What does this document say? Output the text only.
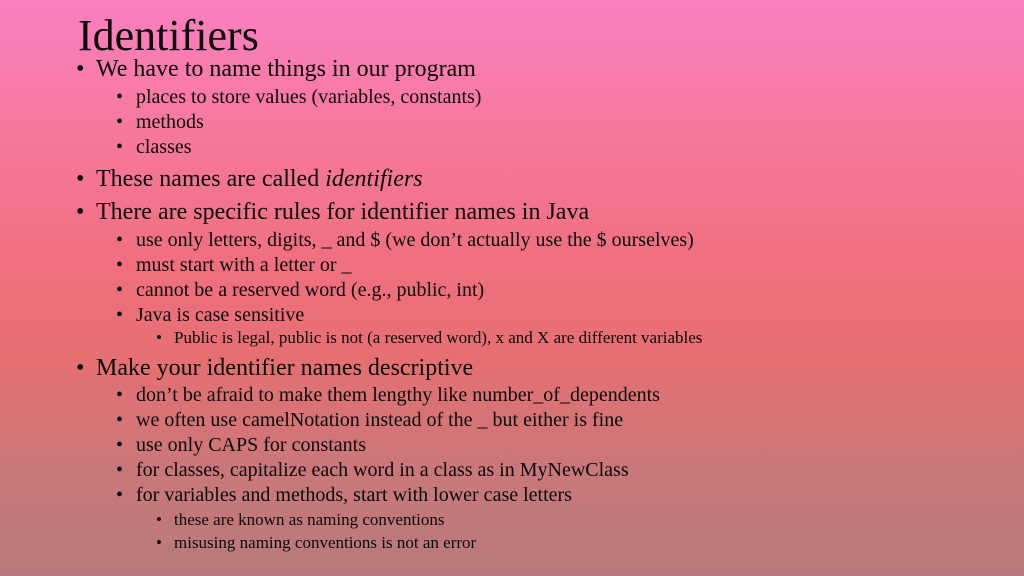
Identifiers
• We have to name things in our program
• places to store values (variables, constants)
• methods
• classes
• These names are called identifiers
• There are specific rules for identifier names in Java
• use only letters, digits, _ and $ (we don’t actually use the $ ourselves)
• must start with a letter or _
• cannot be a reserved word (e.g., public, int)
• Java is case sensitive
• Public is legal, public is not (a reserved word), x and X are different variables
• Make your identifier names descriptive
• don’t be afraid to make them lengthy like number_of_dependents
• we often use camelNotation instead of the _ but either is fine
• use only CAPS for constants
• for classes, capitalize each word in a class as in MyNewClass
• for variables and methods, start with lower case letters
• these are known as naming conventions
• misusing naming conventions is not an error
